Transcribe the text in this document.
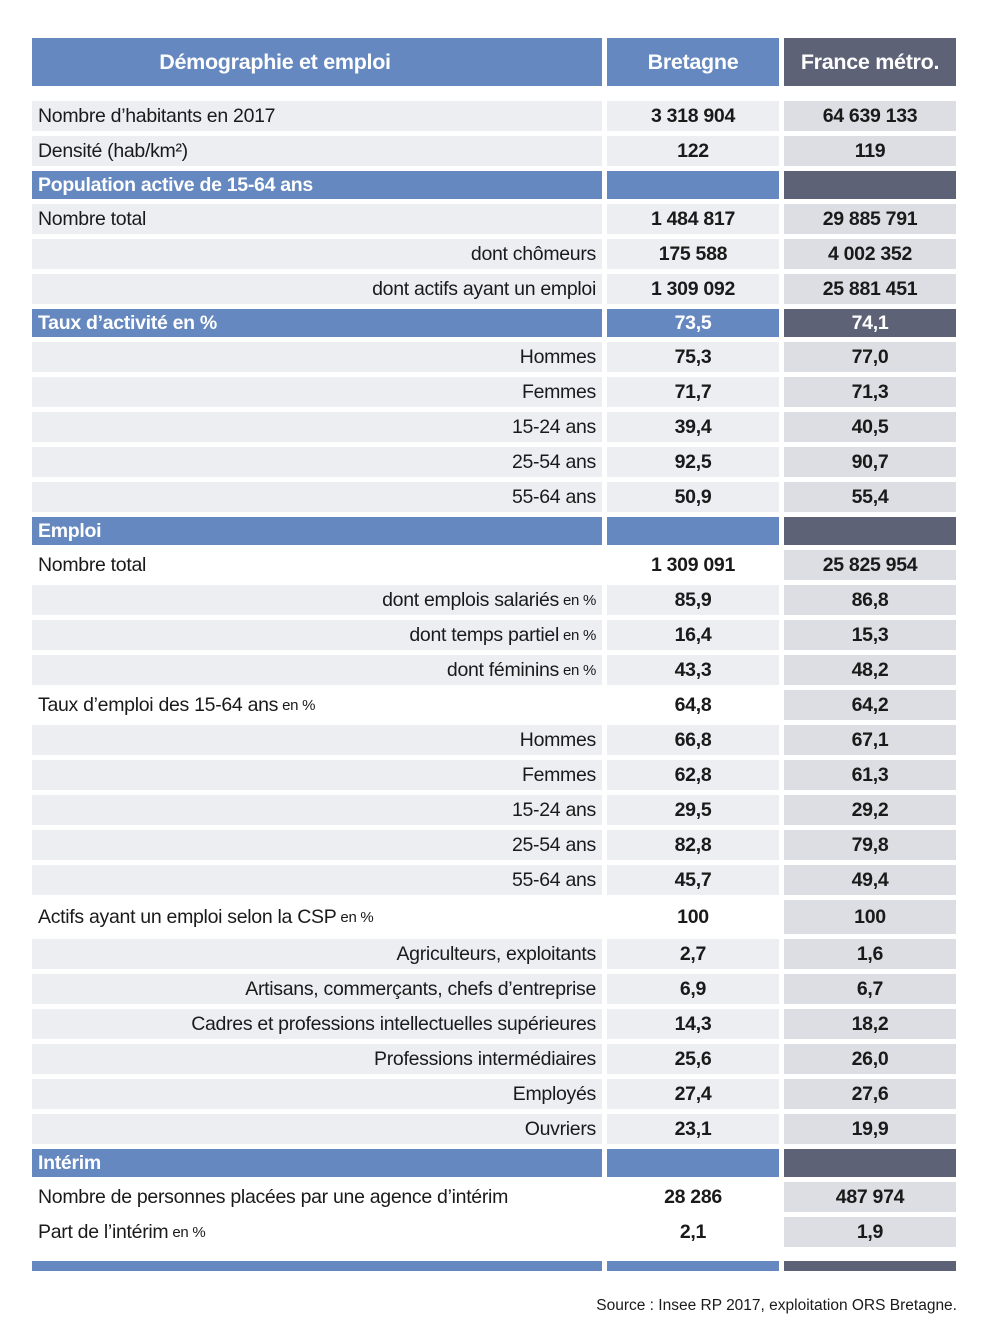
Démographie et emploi	Bretagne	France métro.
Nombre d’habitants en 2017	3 318 904	64 639 133
Densité (hab/km²)	122	119
Population active de 15-64 ans
Nombre total	1 484 817	29 885 791
dont chômeurs	175 588	4 002 352
dont actifs ayant un emploi	1 309 092	25 881 451
Taux d’activité en %	73,5	74,1
Hommes	75,3	77,0
Femmes	71,7	71,3
15-24 ans	39,4	40,5
25-54 ans	92,5	90,7
55-64 ans	50,9	55,4
Emploi
Nombre total	1 309 091	25 825 954
dont emplois salariés en %	85,9	86,8
dont temps partiel en %	16,4	15,3
dont féminins en %	43,3	48,2
Taux d’emploi des 15-64 ans en %	64,8	64,2
Hommes	66,8	67,1
Femmes	62,8	61,3
15-24 ans	29,5	29,2
25-54 ans	82,8	79,8
55-64 ans	45,7	49,4
Actifs ayant un emploi selon la CSP en %	100	100
Agriculteurs, exploitants	2,7	1,6
Artisans, commerçants, chefs d’entreprise	6,9	6,7
Cadres et professions intellectuelles supérieures	14,3	18,2
Professions intermédiaires	25,6	26,0
Employés	27,4	27,6
Ouvriers	23,1	19,9
Intérim
Nombre de personnes placées par une agence d’intérim	28 286	487 974
Part de l’intérim en %	2,1	1,9
Source : Insee RP 2017, exploitation ORS Bretagne.
